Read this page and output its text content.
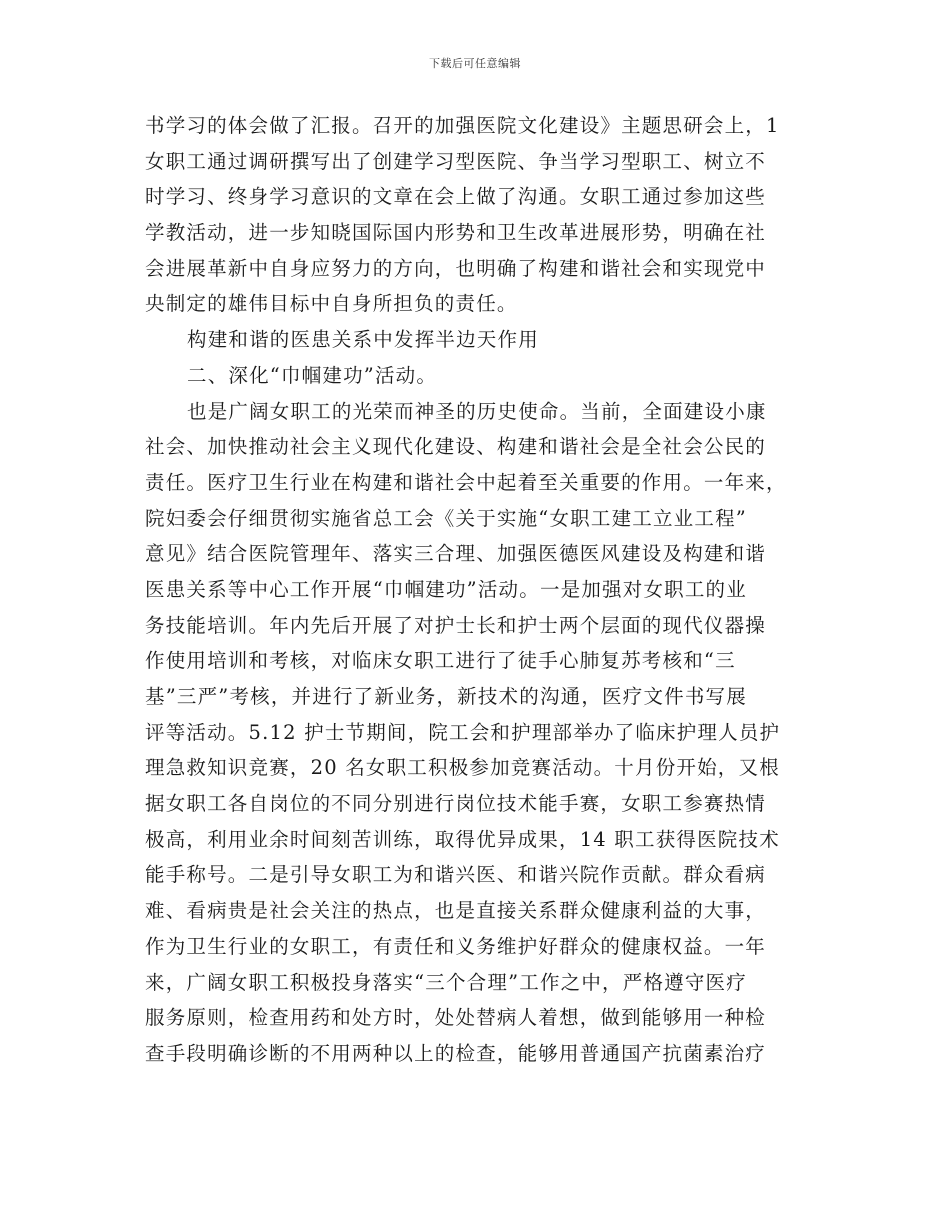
下载后可任意编辑
书学习的体会做了汇报。召开的加强医院文化建设》主题思研会上，1
女职工通过调研撰写出了创建学习型医院、争当学习型职工、树立不
时学习、终身学习意识的文章在会上做了沟通。女职工通过参加这些
学教活动，进一步知晓国际国内形势和卫生改革进展形势，明确在社
会进展革新中自身应努力的方向，也明确了构建和谐社会和实现党中
央制定的雄伟目标中自身所担负的责任。
构建和谐的医患关系中发挥半边天作用
二、深化“巾帼建功”活动。
也是广阔女职工的光荣而神圣的历史使命。当前，全面建设小康
社会、加快推动社会主义现代化建设、构建和谐社会是全社会公民的
责任。医疗卫生行业在构建和谐社会中起着至关重要的作用。一年来，
院妇委会仔细贯彻实施省总工会《关于实施“女职工建工立业工程”
意见》结合医院管理年、落实三合理、加强医德医风建设及构建和谐
医患关系等中心工作开展“巾帼建功”活动。一是加强对女职工的业
务技能培训。年内先后开展了对护士长和护士两个层面的现代仪器操
作使用培训和考核，对临床女职工进行了徒手心肺复苏考核和“三
基”三严”考核，并进行了新业务，新技术的沟通，医疗文件书写展
评等活动。5.12 护士节期间，院工会和护理部举办了临床护理人员护
理急救知识竞赛，20 名女职工积极参加竞赛活动。十月份开始，又根
据女职工各自岗位的不同分别进行岗位技术能手赛，女职工参赛热情
极高，利用业余时间刻苦训练，取得优异成果，14 职工获得医院技术
能手称号。二是引导女职工为和谐兴医、和谐兴院作贡献。群众看病
难、看病贵是社会关注的热点，也是直接关系群众健康利益的大事，
作为卫生行业的女职工，有责任和义务维护好群众的健康权益。一年
来，广阔女职工积极投身落实“三个合理”工作之中，严格遵守医疗
服务原则，检查用药和处方时，处处替病人着想，做到能够用一种检
查手段明确诊断的不用两种以上的检查，能够用普通国产抗菌素治疗
